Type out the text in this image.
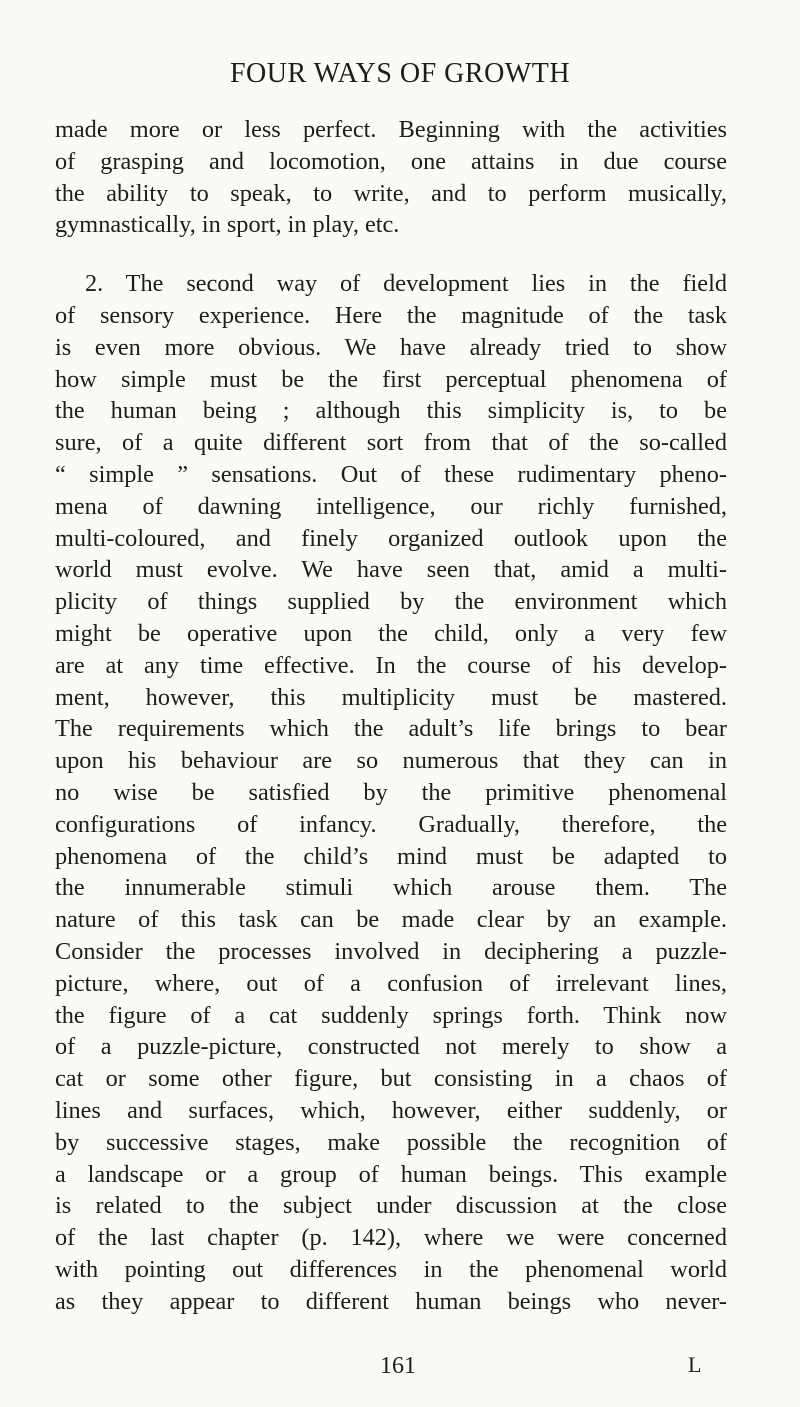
FOUR WAYS OF GROWTH
made more or less perfect. Beginning with the activities
of grasping and locomotion, one attains in due course
the ability to speak, to write, and to perform musically,
gymnastically, in sport, in play, etc.
2. The second way of development lies in the field
of sensory experience. Here the magnitude of the task
is even more obvious. We have already tried to show
how simple must be the first perceptual phenomena of
the human being ; although this simplicity is, to be
sure, of a quite different sort from that of the so-called
“ simple ” sensations. Out of these rudimentary pheno-
mena of dawning intelligence, our richly furnished,
multi-coloured, and finely organized outlook upon the
world must evolve. We have seen that, amid a multi-
plicity of things supplied by the environment which
might be operative upon the child, only a very few
are at any time effective. In the course of his develop-
ment, however, this multiplicity must be mastered.
The requirements which the adult’s life brings to bear
upon his behaviour are so numerous that they can in
no wise be satisfied by the primitive phenomenal
configurations of infancy. Gradually, therefore, the
phenomena of the child’s mind must be adapted to
the innumerable stimuli which arouse them. The
nature of this task can be made clear by an example.
Consider the processes involved in deciphering a puzzle-
picture, where, out of a confusion of irrelevant lines,
the figure of a cat suddenly springs forth. Think now
of a puzzle-picture, constructed not merely to show a
cat or some other figure, but consisting in a chaos of
lines and surfaces, which, however, either suddenly, or
by successive stages, make possible the recognition of
a landscape or a group of human beings. This example
is related to the subject under discussion at the close
of the last chapter (p. 142), where we were concerned
with pointing out differences in the phenomenal world
as they appear to different human beings who never-
161	L
